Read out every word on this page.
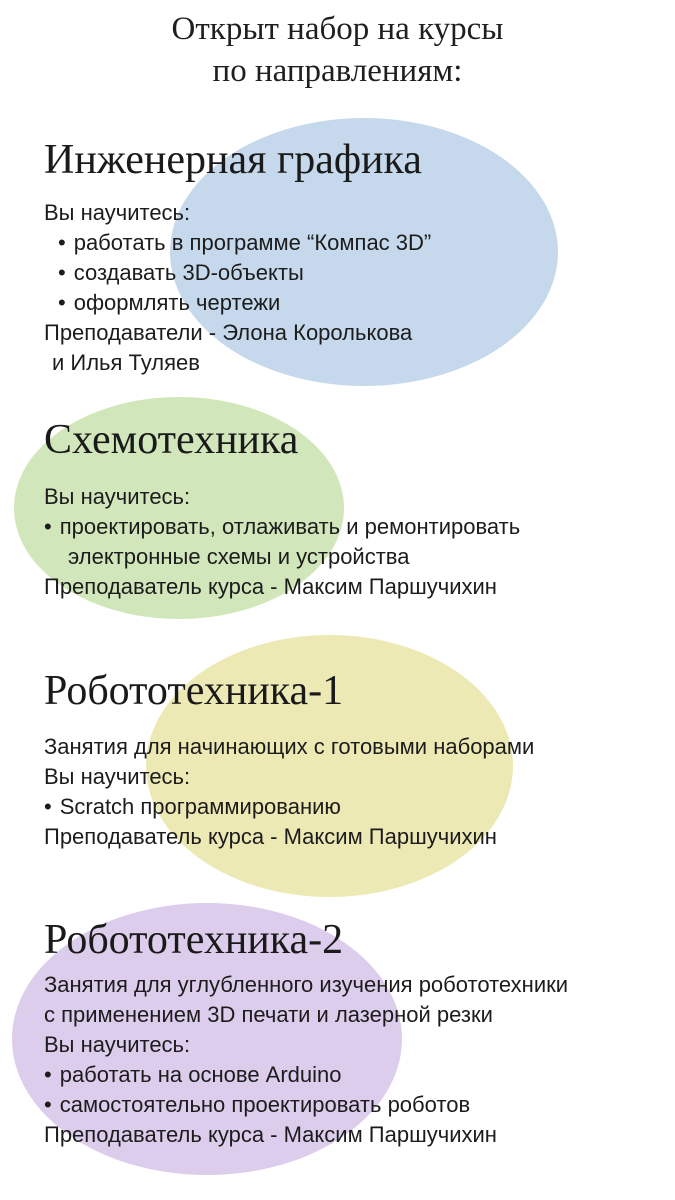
Открыт набор на курсы
по направлениям:
Инженерная графика
Вы научитесь:
• работать в программе “Компас 3D”
• создавать 3D-объекты
• оформлять чертежи
Преподаватели - Элона Королькова
и Илья Туляев
Схемотехника
Вы научитесь:
• проектировать, отлаживать и ремонтировать
электронные схемы и устройства
Преподаватель курса - Максим Паршучихин
Робототехника-1
Занятия для начинающих с готовыми наборами
Вы научитесь:
• Scratch программированию
Преподаватель курса - Максим Паршучихин
Робототехника-2
Занятия для углубленного изучения робототехники
с применением 3D печати и лазерной резки
Вы научитесь:
• работать на основе Arduino
• самостоятельно проектировать роботов
Преподаватель курса - Максим Паршучихин
